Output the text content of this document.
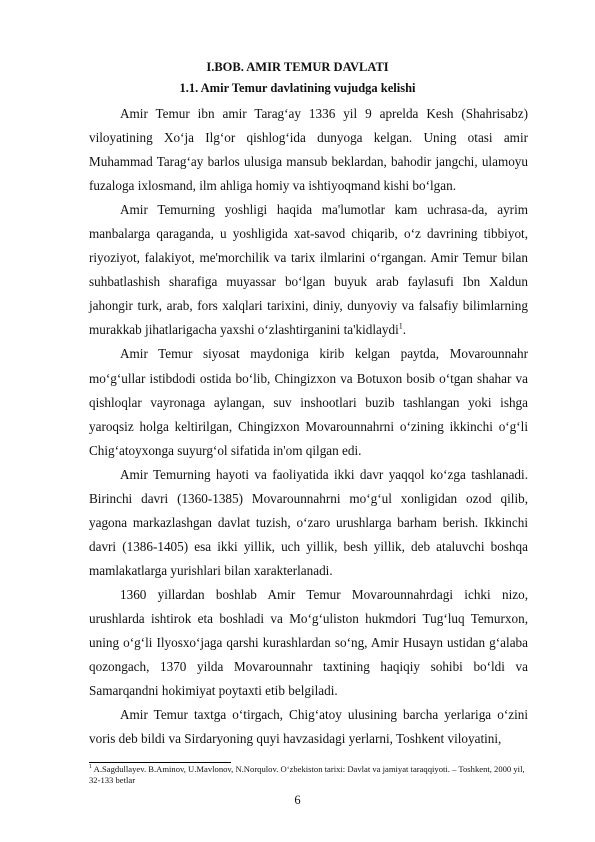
I.BOB. AMIR TEMUR DAVLATI
1.1. Amir Temur davlatining vujudga kelishi

Amir Temur ibn amir Tarag‘ay 1336 yil 9 aprelda Kesh (Shahrisabz) viloyatining Xo‘ja Ilg‘or qishlog‘ida dunyoga kelgan. Uning otasi amir Muhammad Tarag‘ay barlos ulusiga mansub beklardan, bahodir jangchi, ulamoyu fuzaloga ixlosmand, ilm ahliga homiy va ishtiyoqmand kishi bo‘lgan.

Amir Temurning yoshligi haqida ma'lumotlar kam uchrasa-da, ayrim manbalarga qaraganda, u yoshligida xat-savod chiqarib, o‘z davrining tibbiyot, riyoziyot, falakiyot, me'morchilik va tarix ilmlarini o‘rgangan. Amir Temur bilan suhbatlashish sharafiga muyassar bo‘lgan buyuk arab faylasufi Ibn Xaldun jahongir turk, arab, fors xalqlari tarixini, diniy, dunyoviy va falsafiy bilimlarning murakkab jihatlarigacha yaxshi o‘zlashtirganini ta'kidlaydi$^1$.

Amir Temur siyosat maydoniga kirib kelgan paytda, Movarounnahr mo‘g‘ullar istibdodi ostida bo‘lib, Chingizxon va Botuxon bosib o‘tgan shahar va qishloqlar vayronaga aylangan, suv inshootlari buzib tashlangan yoki ishga yaroqsiz holga keltirilgan, Chingizxon Movarounnahrni o‘zining ikkinchi o‘g‘li Chig‘atoyxonga suyurg‘ol sifatida in'om qilgan edi.

Amir Temurning hayoti va faoliyatida ikki davr yaqqol ko‘zga tashlanadi. Birinchi davri (1360-1385) Movarounnahrni mo‘g‘ul xonligidan ozod qilib, yagona markazlashgan davlat tuzish, o‘zaro urushlarga barham berish. Ikkinchi davri (1386-1405) esa ikki yillik, uch yillik, besh yillik, deb ataluvchi boshqa mamlakatlarga yurishlari bilan xarakterlanadi.

1360 yillardan boshlab Amir Temur Movarounnahrdagi ichki nizo, urushlarda ishtirok eta boshladi va Mo‘g‘uliston hukmdori Tug‘luq Temurxon, uning o‘g‘li Ilyosxo‘jaga qarshi kurashlardan so‘ng, Amir Husayn ustidan g‘alaba qozongach, 1370 yilda Movarounnahr taxtining haqiqiy sohibi bo‘ldi va Samarqandni hokimiyat poytaxti etib belgiladi.

Amir Temur taxtga o‘tirgach, Chig‘atoy ulusining barcha yerlariga o‘zini voris deb bildi va Sirdaryoning quyi havzasidagi yerlarni, Toshkent viloyatini,

$^1$ A.Sagdullayev. B.Aminov, U.Mavlonov, N.Norqulov. O‘zbekiston tarixi: Davlat va jamiyat taraqqiyoti. – Toshkent, 2000 yil, 32-133 betlar
6
